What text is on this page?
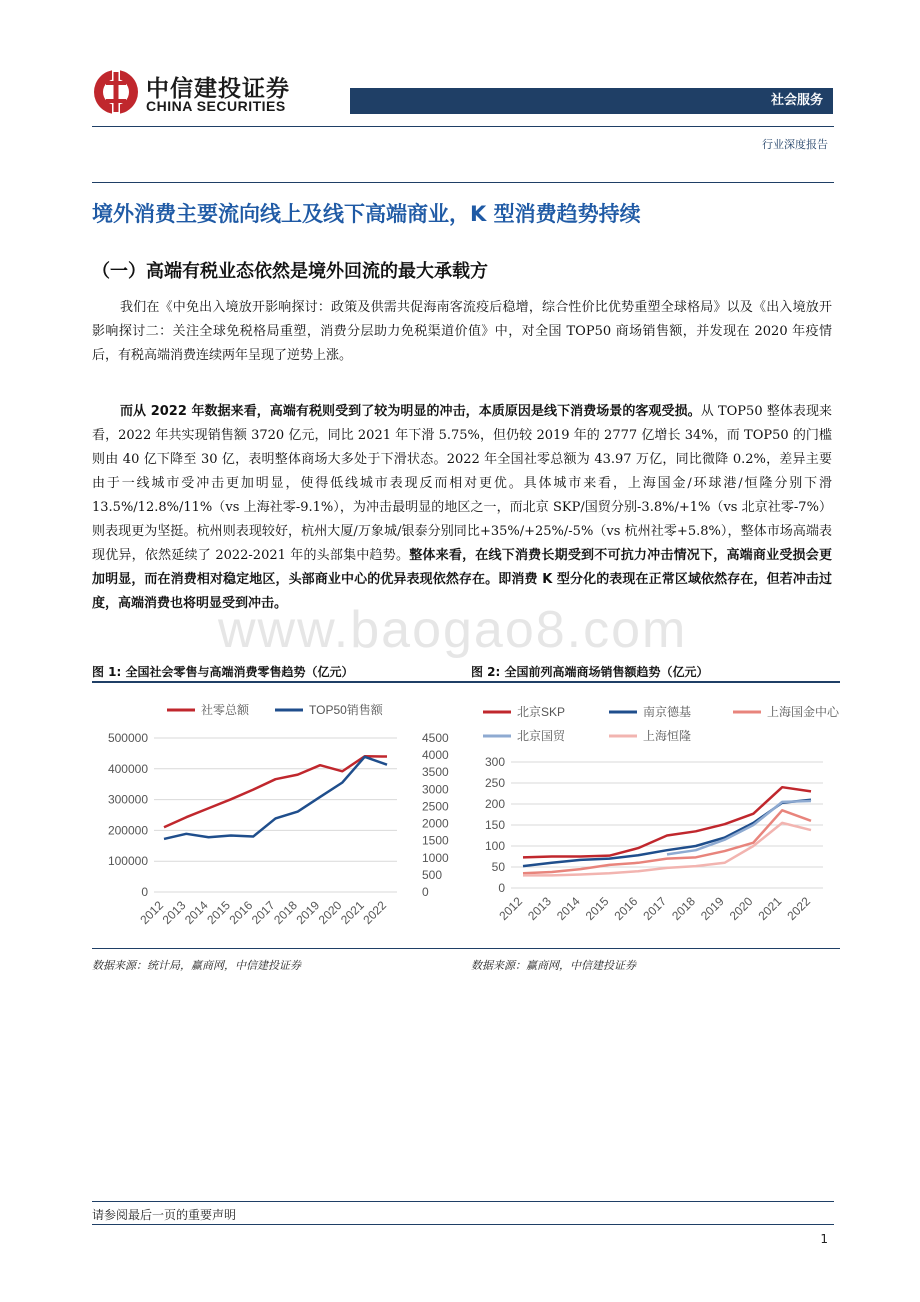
中信建投证券
CHINA SECURITIES	社会服务
行业深度报告
境外消费主要流向线上及线下高端商业，K 型消费趋势持续
（一）高端有税业态依然是境外回流的最大承载方

我们在《中免出入境放开影响探讨：政策及供需共促海南客流疫后稳增，综合性价比优势重塑全球格局》以及《出入境放开影响探讨二：关注全球免税格局重塑，消费分层助力免税渠道价值》中，对全国 TOP50 商场销售额，并发现在 2020 年疫情后，有税高端消费连续两年呈现了逆势上涨。

而从 2022 年数据来看，高端有税则受到了较为明显的冲击，本质原因是线下消费场景的客观受损。从 TOP50 整体表现来看，2022 年共实现销售额 3720 亿元，同比 2021 年下滑 5.75%，但仍较 2019 年的 2777 亿增长 34%，而 TOP50 的门槛则由 40 亿下降至 30 亿，表明整体商场大多处于下滑状态。2022 年全国社零总额为 43.97 万亿，同比微降 0.2%，差异主要由于一线城市受冲击更加明显，使得低线城市表现反而相对更优。具体城市来看，上海国金/环球港/恒隆分别下滑 13.5%/12.8%/11%（vs 上海社零-9.1%），为冲击最明显的地区之一，而北京 SKP/国贸分别-3.8%/+1%（vs 北京社零-7%）则表现更为坚挺。杭州则表现较好，杭州大厦/万象城/银泰分别同比+35%/+25%/-5%（vs 杭州社零+5.8%），整体市场高端表现优异，依然延续了 2022-2021 年的头部集中趋势。整体来看，在线下消费长期受到不可抗力冲击情况下，高端商业受损会更加明显，而在消费相对稳定地区，头部商业中心的优异表现依然存在。即消费 K 型分化的表现在正常区域依然存在，但若冲击过度，高端消费也将明显受到冲击。

www.baogao8.com
图 1: 全国社会零售与高端消费零售趋势（亿元）	图 2: 全国前列高端商场销售额趋势（亿元）
0
100000
200000
300000
400000
500000
0
500
1000
1500
2000
2500
3000
3500
4000
4500
2012
2013
2014
2015
2016
2017
2018
2019
2020
2021
2022
社零总额	TOP50销售额
0
50
100
150
200
250
300
2012 2013 2014 2015 2016 2017 2018 2019 2020 2021 2022
北京SKP	南京德基	上海国金中心
北京国贸	上海恒隆
数据来源：统计局，赢商网，中信建投证券	数据来源：赢商网，中信建投证券
请参阅最后一页的重要声明
1
